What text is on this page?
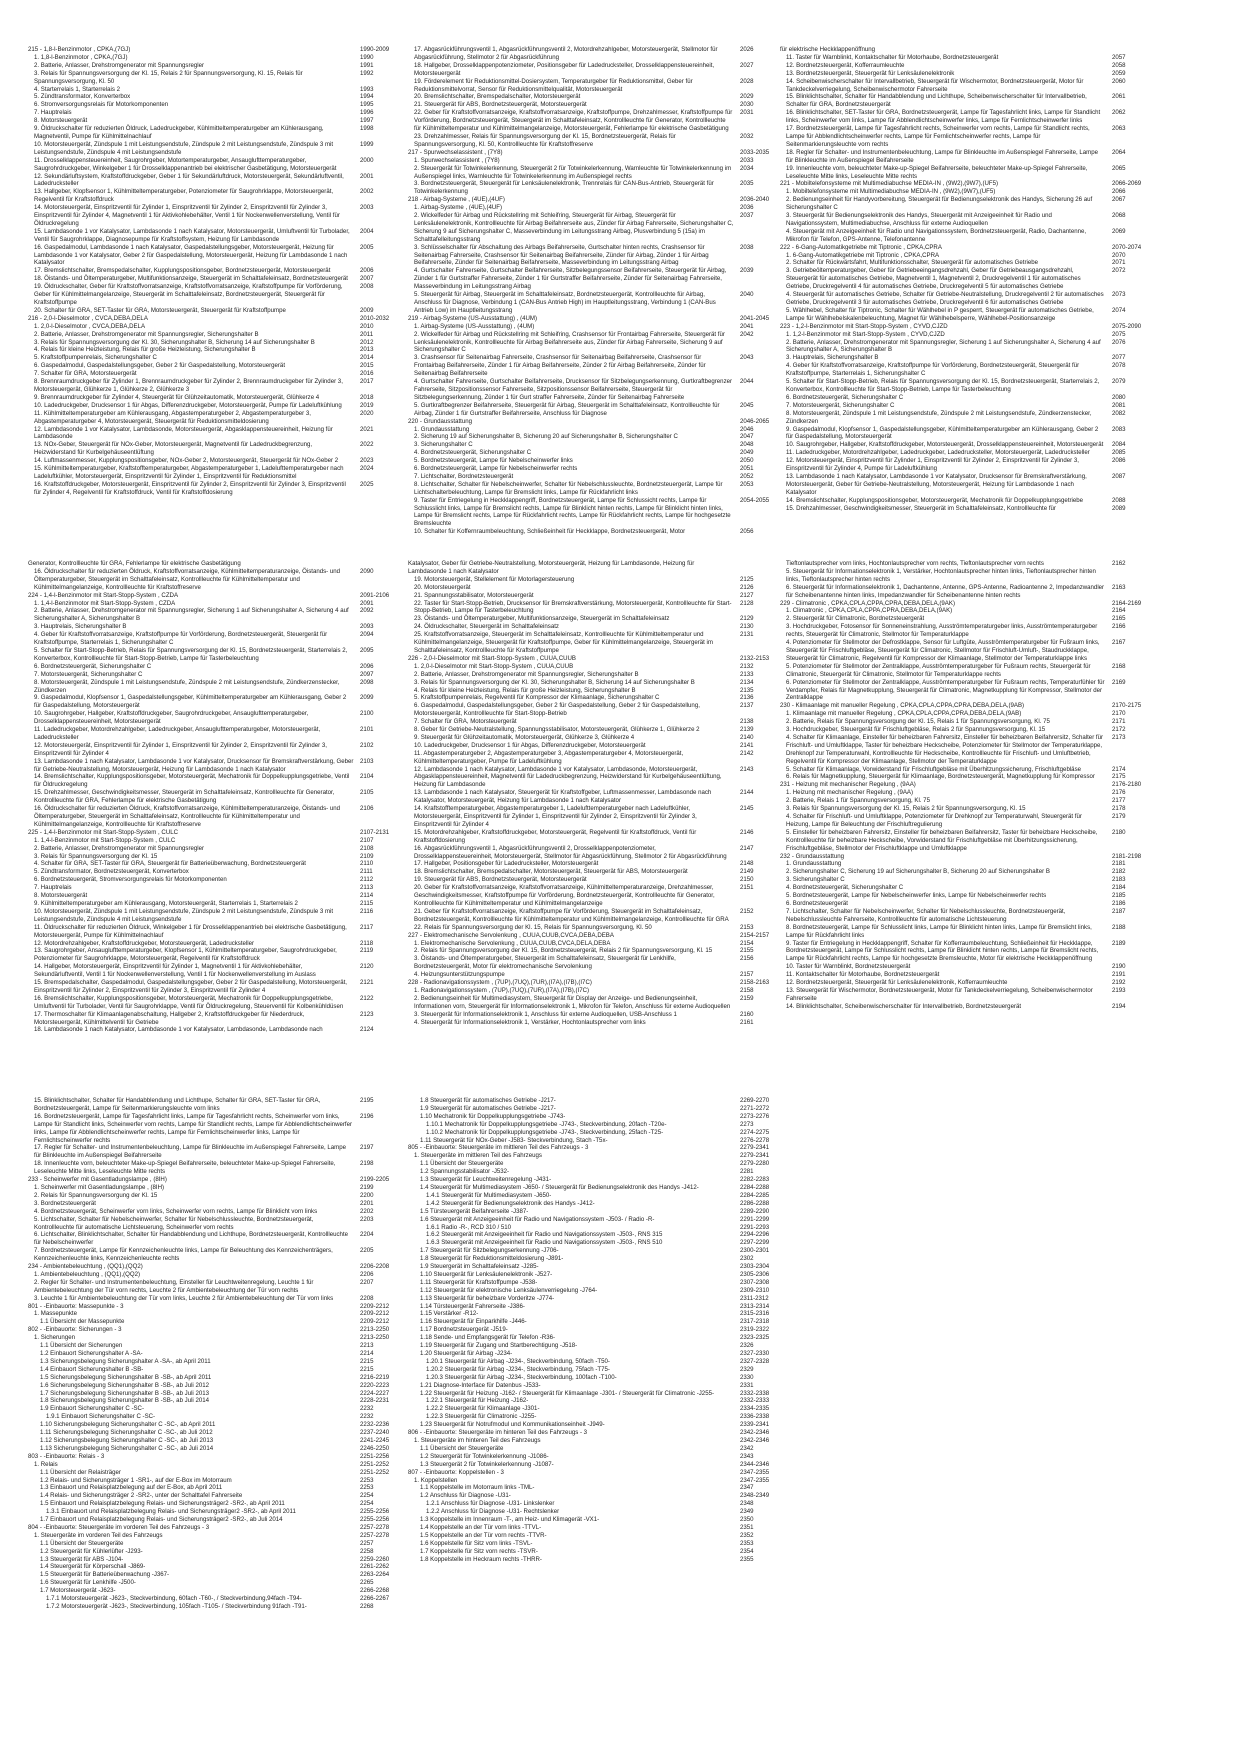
215 - 1,8-l-Benzinmotor , CPKA,(7GJ)	1990-2009
1. 1,8-l-Benzinmotor , CPKA,(7GJ)	1990
2. Batterie, Anlasser, Drehstromgenerator mit Spannungsregler	1991
3. Relais für Spannungsversorgung der Kl. 15, Relais 2 für Spannungsversorgung, Kl. 15, Relais für Spannungsversorgung, Kl. 50
1992
4. Starterrelais 1, Starterrelais 2	1993
5. Zündtransformator, Konverterbox	1994
6. Stromversorgungsrelais für Motorkomponenten	1995
7. Hauptrelais	1996
8. Motorsteuergerät	1997
9. Öldruckschalter für reduzierten Öldruck, Ladedruckgeber, Kühlmitteltemperaturgeber am Kühlerausgang, Magnetventil, Pumpe für Kühlmittelnachlauf
1998
10. Motorsteuergerät, Zündspule 1 mit Leistungsendstufe, Zündspule 2 mit Leistungsendstufe, Zündspule 3 mit Leistungsendstufe, Zündspule 4 mit Leistungsendstufe
1999
11. Drosselklappensteuereinheit, Saugrohrgeber, Motortemperaturgeber, Ansauglufttemperaturgeber, Saugrohrdruckgeber, Winkelgeber 1 für Drosselklappenantrieb bei elektrischer Gasbetätigung, Motorsteuergerät
2000
12. Sekundärluftsystem, Kraftstoffdruckgeber, Geber 1 für Sekundärluftdruck, Motorsteuergerät, Sekundärluftventil, Ladedrucksteller
2001
13. Hallgeber, Klopfsensor 1, Kühlmitteltemperaturgeber, Potenziometer für Saugrohrklappe, Motorsteuergerät, Regelventil für Kraftstoffdruck
2002
14. Motorsteuergerät, Einspritzventil für Zylinder 1, Einspritzventil für Zylinder 2, Einspritzventil für Zylinder 3, Einspritzventil für Zylinder 4, Magnetventil 1 für Aktivkohlebehälter, Ventil 1 für Nockenwellenverstellung, Ventil für Öldruckregelung
2003
15. Lambdasonde 1 vor Katalysator, Lambdasonde 1 nach Katalysator, Motorsteuergerät, Umluftventil für Turbolader, Ventil für Saugrohrklappe, Diagnosepumpe für Kraftstoffsystem, Heizung für Lambdasonde
2004
16. Gaspedalmodul, Lambdasonde 1 nach Katalysator, Gaspedalstellungsgeber, Motorsteuergerät, Heizung für Lambdasonde 1 vor Katalysator, Geber 2 für Gaspedalstellung, Motorsteuergerät, Heizung für Lambdasonde 1 nach Katalysator
2005
17. Bremslichtschalter, Bremspedalschalter, Kupplungspositionsgeber, Bordnetzsteuergerät, Motorsteuergerät	2006
18. Öistands- und Öltemperaturgeber, Multifunktionsanzeige, Steuergerät im Schalttafeleinsatz, Bordnetzsteuergerät	2007
19. Öldruckschalter, Geber für Kraftstoffvorratsanzeige, Kraftstoffvorratsanzeige, Kraftstoffpumpe für Vorförderung, Geber für Kühlmittelmangelanzeige, Steuergerät im Schalttafeleinsatz, Bordnetzsteuergerät, Steuergerät für Kraftstoffpumpe
2008
20. Schalter für GRA, SET-Taster für GRA, Motorsteuergerät, Steuergerät für Kraftstoffpumpe	2009
216 - 2,0-l-Dieselmotor , CVCA,DEBA,DELA	2010-2032
1. 2,0-l-Dieselmotor , CVCA,DEBA,DELA	2010
2. Batterie, Anlasser, Drehstromgenerator mit Spannungsregler, Sicherungshalter B	2011
3. Relais für Spannungsversorgung der Kl. 30, Sicherungshalter B, Sicherung 14 auf Sicherungshalter B	2012
4. Relais für kleine Heizleistung, Relais für große Heizleistung, Sicherungshalter B	2013
5. Kraftstoffpumpenrelais, Sicherungshalter C	2014
6. Gaspedalmodul, Gaspedalstellungsgeber, Geber 2 für Gaspedalstellung, Motorsteuergerät	2015
7. Schalter für GRA, Motorsteuergerät	2016
8. Brennraumdruckgeber für Zylinder 1, Brennraumdruckgeber für Zylinder 2, Brennraumdruckgeber für Zylinder 3, Motorsteuergerät, Glühkerze 1, Glühkerze 2, Glühkerze 3
2017
9. Brennraumdruckgeber für Zylinder 4, Steuergerät für Glühzeitautomatik, Motorsteuergerät, Glühkerze 4	2018
10. Ladedruckgeber, Drucksensor 1 für Abgas, Differenzdruckgeber, Motorsteuergerät, Pumpe für Ladeluftkühlung	2019
11. Kühlmitteltemperaturgeber am Kühlerausgang, Abgastemperaturgeber 2, Abgastemperaturgeber 3, Abgastemperaturgeber 4, Motorsteuergerät, Steuergerät für Reduktionsmitteldosierung
2020
12. Lambdasonde 1 vor Katalysator, Lambdasonde, Motorsteuergerät, Abgasklappensteuereinheit, Heizung für Lambdasonde
2021
13. NOx-Geber, Steuergerät für NOx-Geber, Motorsteuergerät, Magnetventil für Ladedruckbegrenzung, Heizwiderstand für Kurbelgehäuseentlüftung
2022
14. Luftmassenmesser, Kupplungspositionsgeber, NOx-Geber 2, Motorsteuergerät, Steuergerät für NOx-Geber 2	2023
15. Kühlmitteltemperaturgeber, Kraftstofftemperaturgeber, Abgastemperaturgeber 1, Ladelufttemperaturgeber nach Ladeluftkühler, Motorsteuergerät, Einspritzventil für Zylinder 1, Einspritzventil für Reduktionsmittel
2024
16. Kraftstoffdruckgeber, Motorsteuergerät, Einspritzventil für Zylinder 2, Einspritzventil für Zylinder 3, Einspritzventil für Zylinder 4, Regelventil für Kraftstoffdruck, Ventil für Kraftstoffdosierung
2025
17. Abgasrückführungsventil 1, Abgasrückführungsventil 2, Motordrehzahlgeber, Motorsteuergerät, Stellmotor für Abgasrückführung, Stellmotor 2 für Abgasrückführung
2026
18. Hallgeber, Drosselklappenpotenziometer, Positionsgeber für Ladedrucksteller, Drosselklappensteuereinheit, Motorsteuergerät
2027
19. Förderelement für Reduktionsmittel-Dosiersystem, Temperaturgeber für Reduktionsmittel, Geber für Reduktionsmittelvorrat, Sensor für Reduktionsmittelqualität, Motorsteuergerät
2028
20. Bremslichtschalter, Bremspedalschalter, Motorsteuergerät	2029
21. Steuergerät für ABS, Bordnetzsteuergerät, Motorsteuergerät	2030
22. Geber für Kraftstoffvorratsanzeige, Kraftstoffvorratsanzeige, Kraftstoffpumpe, Drehzahlmesser, Kraftstoffpumpe für Vorförderung, Bordnetzsteuergerät, Steuergerät im Schalttafeleinsatz, Kontrollleuchte für Generator, Kontrollleuchte für Kühlmitteltemperatur und Kühlmittelmangelanzeige, Motorsteuergerät, Fehlerlampe für elektrische Gasbetätigung
2031
23. Drehzahlmesser, Relais für Spannungsversorgung der Kl. 15, Bordnetzsteuergerät, Relais für Spannungsversorgung, Kl. 50, Kontrollleuchte für Kraftstoffreserve
2032
217 - Spurwechselassistent , (7Y8)	2033-2035
1. Spurwechselassistent , (7Y8)	2033
2. Steuergerät für Totwinkelerkennung, Steuergerät 2 für Totwinkelerkennung, Warnleuchte für Totwinkelerkennung im Außenspiegel links, Warnleuchte für Totwinkelerkennung im Außenspiegel rechts
2034
3. Bordnetzsteuergerät, Steuergerät für Lenksäulenelektronik, Trennrelais für CAN-Bus-Antrieb, Steuergerät für Totwinkelerkennung
2035
218 - Airbag-Systeme , (4UE),(4UF)	2036-2040
1. Airbag-Systeme , (4UE),(4UF)	2036
2. Wickelfeder für Airbag und Rückstellring mit Schleifring, Steuergerät für Airbag, Steuergerät für Lenksäulenelektronik, Kontrollleuchte für Airbag Beifahrerseite aus, Zünder für Airbag Fahrerseite, Sicherungshalter C, Sicherung 9 auf Sicherungshalter C, Masseverbindung im Leitungsstrang Airbag, Plusverbindung 5 (15a) im Schalttafelleitungsstrang
2037
3. Schlüsselschalter für Abschaltung des Airbags Beifahrerseite, Gurtschalter hinten rechts, Crashsensor für Seitenairbag Fahrerseite, Crashsensor für Seitenairbag Beifahrerseite, Zünder für Airbag, Zünder 1 für Airbag Beifahrerseite, Zünder für Seitenairbag Beifahrerseite, Masseverbindung im Leitungsstrang Airbag
2038
4. Gurtschalter Fahrerseite, Gurtschalter Beifahrerseite, Sitzbelegungssensor Beifahrerseite, Steuergerät für Airbag, Zünder 1 für Gurtstraffer Fahrerseite, Zünder 1 für Gurtstraffer Beifahrerseite, Zünder für Seitenairbag Fahrerseite, Masseverbindung im Leitungsstrang Airbag
2039
5. Steuergerät für Airbag, Steuergerät im Schalttafeleinsatz, Bordnetzsteuergerät, Kontrollleuchte für Airbag, Anschluss für Diagnose, Verbindung 1 (CAN-Bus Antrieb High) im Hauptleitungsstrang, Verbindung 1 (CAN-Bus Antrieb Low) im Hauptleitungsstrang
2040
219 - Airbag-Systeme (US-Ausstattung) , (4UM)	2041-2045
1. Airbag-Systeme (US-Ausstattung) , (4UM)	2041
2. Wickelfeder für Airbag und Rückstellring mit Schleifring, Crashsensor für Frontairbag Fahrerseite, Steuergerät für Lenksäulenelektronik, Kontrollleuchte für Airbag Beifahrerseite aus, Zünder für Airbag Fahrerseite, Sicherung 9 auf Sicherungshalter C
2042
3. Crashsensor für Seitenairbag Fahrerseite, Crashsensor für Seitenairbag Beifahrerseite, Crashsensor für Frontairbag Beifahrerseite, Zünder 1 für Airbag Beifahrerseite, Zünder 2 für Airbag Beifahrerseite, Zünder für Seitenairbag Beifahrerseite
2043
4. Gurtschalter Fahrerseite, Gurtschalter Beifahrerseite, Drucksensor für Sitzbelegungserkennung, Gurtkraftbegrenzer Fahrerseite, Sitzpositionssensor Fahrerseite, Sitzpositionssensor Beifahrerseite, Steuergerät für Sitzbelegungserkennung, Zünder 1 für Gurt straffer Fahrerseite, Zünder für Seitenairbag Fahrerseite
2044
5. Gurtkraftbegrenzer Beifahrerseite, Steuergerät für Airbag, Steuergerät im Schalttafeleinsatz, Kontrollleuchte für Airbag, Zünder 1 für Gurtstraffer Beifahrerseite, Anschluss für Diagnose
2045
220 - Grundausstattung	2046-2065
1. Grundausstattung	2046
2. Sicherung 19 auf Sicherungshalter B, Sicherung 20 auf Sicherungshalter B, Sicherungshalter C	2047
3. Sicherungshalter C	2048
4. Bordnetzsteuergerät, Sicherungshalter C	2049
5. Bordnetzsteuergerät, Lampe für Nebelscheinwerfer links	2050
6. Bordnetzsteuergerät, Lampe für Nebelscheinwerfer rechts	2051
7. Lichtschalter, Bordnetzsteuergerät	2052
8. Lichtschalter, Schalter für Nebelscheinwerfer, Schalter für Nebelschlussleuchte, Bordnetzsteuergerät, Lampe für Lichtschalterbeleuchtung, Lampe für Bremslicht links, Lampe für Rückfahrlicht links
2053
9. Taster für Entriegelung in Heckklappengriff, Bordnetzsteuergerät, Lampe für Schlussicht rechts, Lampe für Schlusslicht links, Lampe für Bremslicht rechts, Lampe für Blinklicht hinten rechts, Lampe für Blinklicht hinten links, Lampe für Bremslicht rechts, Lampe für Rückfahrlicht rechts, Lampe für Rückfahrlicht rechts, Lampe für hochgesetzte Bremsleuchte
2054-2055
10. Schalter für Koffernraumbeleuchtung, Schließeinheit für Heckklappe, Bordnetzsteuergerät, Motor	2056
für elektrische Heckklappenöffnung
11. Taster für Warnblinkt, Kontaktschalter für Motorhaube, Bordnetzsteuergerät	2057
12. Bordnetzsteuergerät, Kofferraumleuchte	2058
13. Bordnetzsteuergerät, Steuergerät für Lenksäulenelektronik	2059
14. Scheibenwischerschalter für Intervallbetrieb, Steuergerät für Wischermotor, Bordnetzsteuergerät, Motor für Tankdeckelverriegelung, Scheibenwischermotor Fahrerseite
2060
15. Blinklichtschalter, Schalter für Handabblendung und Lichthupe, Scheibenwischerschalter für Intervallbetrieb, Schalter für GRA, Bordnetzsteuergerät
2061
16. Blinklichtschalter, SET-Taster für GRA, Bordnetzsteuergerät, Lampe für Tagesfahrlicht links, Lampe für Standlicht links, Scheinwerfer vom links, Lampe für Abblendlichtscheinwerfer links, Lampe für Fernlichtscheinwerfer links
2062
17. Bordnetzsteuergerät, Lampe für Tagesfahrlicht rechts, Scheinwerfer vorn rechts, Lampe für Standlicht rechts, Lampe für Abblendlichtscheinwerfer rechts, Lampe für Fernlichtscheinwerfer rechts, Lampe für Seitenmarkierungsleuchte vorn rechts
2063
18. Regler für Schalter- und Instrumentenbeleuchtung, Lampe für Blinkleuchte im Außenspiegel Fahrerseite, Lampe für Blinkleuchte im Außenspiegel Beifahrerseite
2064
19. Innenleuchte vorn, beleuchteter Make-up-Spiegel Beifahrerseite, beleuchteter Make-up-Spiegel Fahrerseite, Leseleuchte Mitte links, Leseleuchte Mitte rechts
2065
221 - Mobiltelefonsysteme mit Multimediabuchse MEDIA-IN , (9W2),(9W7),(UF5)	2066-2069
1. Mobiltelefonsysteme mit Multimediabuchse MEDIA-IN , (9W2),(9W7),(UF5)	2066
2. Bedienungseinheit für Handyvorbereitung, Steuergerät für Bedienungselektronik des Handys, Sicherung 26 auf Sicherungshalter C
2067
3. Steuergerät für Bedienungselektronik des Handys, Steuergerät mit Anzeigeeinheit für Radio und Navigationssystem, Multimediabuchse, Anschluss für externe Audioquellen
2068
4. Steuergerät mit Anzeigeeinheit für Radio und Navigationssystem, Bordnetzsteuergerät, Radio, Dachantenne, Mikrofon für Telefon, GPS-Antenne, Telefonantenne
2069
222 - 6-Gang-Automatikgetriebe mit Tiptronic , CPKA,CPRA	2070-2074
1. 6-Gang-Automatikgetriebe mit Tiptronic , CPKA,CPRA	2070
2. Schalter für Rückwärtsfahrt, Multifunktionsschalter, Steuergerät für automatisches Getriebe	2071
3. Getriebeöltemperaturgeber, Geber für Getriebeeingangsdrehzahl, Geber für Getriebeausgangsdrehzahl, Steuergerät für automatisches Getriebe, Magnetventil 1, Magnetventil 2, Druckregelventil 1 für automatisches Getriebe, Druckregelventil 4 für automatisches Getriebe, Druckregelventil 5 für automatisches Getriebe
2072
4. Steuergerät für automatisches Getriebe, Schalter für Getriebe-Neutralstellung, Druckregelventil 2 für automatisches Getriebe, Druckregelventil 3 für automatisches Getriebe, Druckregelventil 6 für automatisches Getriebe
2073
5. Wählhebel, Schalter für Tiptronic, Schalter für Wählhebel in P gesperrt, Steuergerät für automatisches Getriebe, Lampe für Wählhebelskalenbeleuchtung, Magnet für Wählhebelsperre, Wählhebel-Positionsanzeige
2074
223 - 1,2-l-Benzinmotor mit Start-Stopp-System , CYVD,CJZD	2075-2090
1. 1,2-l-Benzinmotor mit Start-Stopp-System , CYVD,CJZD	2075
2. Batterie, Anlasser, Drehstromgenerator mit Spannungsregler, Sicherung 1 auf Sicherungshalter A, Sicherung 4 auf Sicherungshalter A, Sicherungshalter B
2076
3. Hauptrelais, Sicherungshalter B	2077
4. Geber für Kraftstoffvorratsanzeige, Kraftstoffpumpe für Vorförderung, Bordnetzsteuergerät, Steuergerät für Kraftstoffpumpe, Starterrelais 1, Sicherungshalter C
2078
5. Schalter für Start-Stopp-Betrieb, Relais für Spannungsversorgung der Kl. 15, Bordnetzsteuergerät, Starterrelais 2, Konverterbox, Kontrollleuchte für Start-Stopp-Betrieb, Lampe für Tasterbeleuchtung
2079
6. Bordnetzsteuergerät, Sicherungshalter C	2080
7. Motorsteuergerät, Sicherungshalter C	2081
8. Motorsteuergerät, Zündspule 1 mit Leistungsendstufe, Zündspule 2 mit Leistungsendstufe, Zündkerzenstecker, Zündkerzen
2082
9. Gaspedalmodul, Klopfsensor 1, Gaspedalstellungsgeber, Kühlmitteltemperaturgeber am Kühlerausgang, Geber 2 für Gaspedalstellung, Motorsteuergerät
2083
10. Saugrohrgeber, Hallgeber, Kraftstoffdruckgeber, Motorsteuergerät, Drosselklappensteuereinheit, Motorsteuergerät	2084
11. Ladedruckgeber, Motordrehzahlgeber, Ladedruckgeber, Ladedrucksteller, Motorsteuergerät, Ladedrucksteller	2085
12. Motorsteuergerät, Einspritzventil für Zylinder 1, Einspritzventil für Zylinder 2, Einspritzventil für Zylinder 3, Einspritzventil für Zylinder 4, Pumpe für Ladeluftkühlung
2086
13. Lambdasonde 1 nach Katalysator, Lambdasonde 1 vor Katalysator, Drucksensor für Bremskraftverstärkung, Motorsteuergerät, Geber für Getriebe-Neutralstellung, Motorsteuergerät, Heizung für Lambdasonde 1 nach Katalysator
2087
14. Bremslichtschalter, Kupplungspositionsgeber, Motorsteuergerät, Mechatronik für Doppelkupplungsgetriebe	2088
15. Drehzahlmesser, Geschwindigkeitsmesser, Steuergerät im Schalttafeleinsatz, Kontrollleuchte für	2089
Generator, Kontrollleuchte für GRA, Fehlerlampe für elektrische Gasbetätigung
16. Öldruckschalter für reduzierten Öldruck, Kraftstoffvorratsanzeige, Kühlmitteltemperaturanzeige, Öistands- und Öltemperaturgeber, Steuergerät im Schalttafeleinsatz, Kontrollleuchte für Kühlmitteltemperatur und Kühlmittelmangelanzeige, Kontrollleuchte für Kraftstoffreserve
2090
224 - 1,4-l-Benzinmotor mit Start-Stopp-System , CZDA	2091-2106
1. 1,4-l-Benzinmotor mit Start-Stopp-System , CZDA	2091
2. Batterie, Anlasser, Drehstromgenerator mit Spannungsregler, Sicherung 1 auf Sicherungshalter A, Sicherung 4 auf Sicherungshalter A, Sicherungshalter B
2092
3. Hauptrelais, Sicherungshalter B	2093
4. Geber für Kraftstoffvorratsanzeige, Kraftstoffpumpe für Vorförderung, Bordnetzsteuergerät, Steuergerät für Kraftstoffpumpe, Starterrelais 1, Sicherungshalter C
2094
5. Schalter für Start-Stopp-Betrieb, Relais für Spannungsversorgung der Kl. 15, Bordnetzsteuergerät, Starterrelais 2, Konverterbox, Kontrollleuchte für Start-Stopp-Betrieb, Lampe für Tasterbeleuchtung
2095
6. Bordnetzsteuergerät, Sicherungshalter C	2096
7. Motorsteuergerät, Sicherungshalter C	2097
8. Motorsteuergerät, Zündspule 1 mit Leistungsendstufe, Zündspule 2 mit Leistungsendstufe, Zündkerzenstecker, Zündkerzen
2098
9. Gaspedalmodul, Klopfsensor 1, Gaspedalstellungsgeber, Kühlmitteltemperaturgeber am Kühlerausgang, Geber 2 für Gaspedalstellung, Motorsteuergerät
2099
10. Saugrohrgeber, Hallgeber, Kraftstoffdruckgeber, Saugrohrdruckgeber, Ansauglufttemperaturgeber, Drosselklappensteuereinheit, Motorsteuergerät
2100
11. Ladedruckgeber, Motordrehzahlgeber, Ladedruckgeber, Ansauglufttemperaturgeber, Motorsteuergerät, Ladedrucksteller
2101
12. Motorsteuergerät, Einspritzventil für Zylinder 1, Einspritzventil für Zylinder 2, Einspritzventil für Zylinder 3, Einspritzventil für Zylinder 4
2102
13. Lambdasonde 1 nach Katalysator, Lambdasonde 1 vor Katalysator, Drucksensor für Bremskraftverstärkung, Geber für Getriebe-Neutralstellung, Motorsteuergerät, Heizung für Lambdasonde 1 nach Katalysator
2103
14. Bremslichtschalter, Kupplungspositionsgeber, Motorsteuergerät, Mechatronik für Doppelkupplungsgetriebe, Ventil für Öldruckregelung
2104
15. Drehzahlmesser, Geschwindigkeitsmesser, Steuergerät im Schalttafeleinsatz, Kontrollleuchte für Generator, Kontrollleuchte für GRA, Fehlerlampe für elektrische Gasbetätigung
2105
16. Öldruckschalter für reduzierten Öldruck, Kraftstoffvorratsanzeige, Kühlmitteltemperaturanzeige, Öistands- und Öltemperaturgeber, Steuergerät im Schalttafeleinsatz, Kontrollleuchte für Kühlmitteltemperatur und Kühlmittelmangelanzeige, Kontrollleuchte für Kraftstoffreserve
2106
225 - 1,4-l-Benzinmotor mit Start-Stopp-System , CULC	2107-2131
1. 1,4-l-Benzinmotor mit Start-Stopp-System , CULC	2107
2. Batterie, Anlasser, Drehstromgenerator mit Spannungsregler	2108
3. Relais für Spannungsversorgung der Kl. 15	2109
4. Schalter für GRA, SET-Taster für GRA, Steuergerät für Batterieüberwachung, Bordnetzsteuergerät	2110
5. Zündtransformator, Bordnetzsteuergerät, Konverterbox	2111
6. Bordnetzsteuergerät, Stromversorgungsrelais für Motorkomponenten	2112
7. Hauptrelais	2113
8. Motorsteuergerät	2114
9. Kühlmitteltemperaturgeber am Kühlerausgang, Motorsteuergerät, Starterrelais 1, Starterrelais 2	2115
10. Motorsteuergerät, Zündspule 1 mit Leistungsendstufe, Zündspule 2 mit Leistungsendstufe, Zündspule 3 mit Leistungsendstufe, Zündspule 4 mit Leistungsendstufe
2116
11. Öldruckschalter für reduzierten Öldruck, Winkelgeber 1 für Drosselklappenantrieb bei elektrische Gasbetätigung, Motorsteuergerät, Pumpe für Kühlmittelnachlauf
2117
12. Motordrehzahlgeber, Kraftstoffdruckgeber, Motorsteuergerät, Ladedrucksteller	2118
13. Saugrohrgeber, Ansauglufttemperaturgeber, Klopfsensor 1, Kühlmitteltemperaturgeber, Saugrohrdruckgeber, Potenziometer für Saugrohrklappe, Motorsteuergerät, Regelventil für Kraftstoffdruck
2119
14. Hallgeber, Motorsteuergerät, Einspritzventil für Zylinder 1, Magnetventil 1 für Aktivkohlebehälter, Sekundärluftventil, Ventil 1 für Nockenwellenverstellung, Ventil 1 für Nockenwellenverstellung im Auslass
2120
15. Bremspedalschalter, Gaspedalmodul, Gaspedalstellungsgeber, Geber 2 für Gaspedalstellung, Motorsteuergerät, Einspritzventil für Zylinder 2, Einspritzventil für Zylinder 3, Einspritzventil für Zylinder 4
2121
16. Bremslichtschalter, Kupplungspositionsgeber, Motorsteuergerät, Mechatronik für Doppelkupplungsgetriebe, Umluftventil für Turbolader, Ventil für Saugrohrklappe, Ventil für Öldruckregelung, Steuerventil für Kolbenkühldüsen
2122
17. Thermoschalter für Klimaanlagenabschaltung, Hallgeber 2, Kraftstoffdruckgeber für Niederdruck, Motorsteuergerät, Kühlmittelventil für Getriebe
2123
18. Lambdasonde 1 nach Katalysator, Lambdasonde 1 vor Katalysator, Lambdasonde, Lambdasonde nach	2124
Katalysator, Geber für Getriebe-Neutralstellung, Motorsteuergerät, Heizung für Lambdasonde, Heizung für Lambdasonde 1 nach Katalysator
19. Motorsteuergerät, Stellelement für Motorlagersteuerung	2125
20. Motorsteuergerät	2126
21. Spannungsstabilisator, Motorsteuergerät	2127
22. Taster für Start-Stopp-Betrieb, Drucksensor für Bremskraftverstärkung, Motorsteuergerät, Kontrollleuchte für Start-Stopp-Betrieb, Lampe für Tasterbeleuchtung
2128
23. Öistands- und Öltemperaturgeber, Multifunktionsanzeige, Steuergerät im Schalttafeleinsatz	2129
24. Öldruckschalter, Steuergerät im Schalttafeleinsatz	2130
25. Kraftstoffvorratsanzeige, Steuergerät im Schalttafeleinsatz, Kontrollleuchte für Kühlmitteltemperatur und Kühlmittelmangelanzeige, Steuergerät für Kraftstoffpumpe, Geber für Kühlmittelmangelanzeige, Steuergerät im Schalttafeleinsatz, Kontrollleuchte für Kraftstoffpumpe
2131
226 - 2,0-l-Dieselmotor mit Start-Stopp-System , CUUA,CUUB	2132-2153
1. 2,0-l-Dieselmotor mit Start-Stopp-System , CUUA,CUUB	2132
2. Batterie, Anlasser, Drehstromgenerator mit Spannungsregler, Sicherungshalter B	2133
3. Relais für Spannungsversorgung der Kl. 30, Sicherungshalter B, Sicherung 14 auf Sicherungshalter B	2134
4. Relais für kleine Heizleistung, Relais für große Heizleistung, Sicherungshalter B	2135
5. Kraftstoffpumpenrelais, Regelventil für Kompressor der Klimaanlage, Sicherungshalter C	2136
6. Gaspedalmodul, Gaspedalstellungsgeber, Geber 2 für Gaspedalstellung, Geber 2 für Gaspedalstellung, Motorsteuergerät, Kontrollleuchte für Start-Stopp-Betrieb
2137
7. Schalter für GRA, Motorsteuergerät	2138
8. Geber für Getriebe-Neutralstellung, Spannungsstabilisator, Motorsteuergerät, Glühkerze 1, Glühkerze 2	2139
9. Steuergerät für Glühzeitautomatik, Motorsteuergerät, Glühkerze 3, Glühkerze 4	2140
10. Ladedruckgeber, Drucksensor 1 für Abgas, Differenzdruckgeber, Motorsteuergerät	2141
11. Abgastemperaturgeber 2, Abgastemperaturgeber 3, Abgastemperaturgeber 4, Motorsteuergerät, Kühlmitteltemperaturgeber, Pumpe für Ladeluftkühlung
2142
12. Lambdasonde 1 nach Katalysator, Lambdasonde 1 vor Katalysator, Lambdasonde, Motorsteuergerät, Abgasklappensteuereinheit, Magnetventil für Ladedruckbegrenzung, Heizwiderstand für Kurbelgehäuseentlüftung, Heizung für Lambdasonde
2143
13. Lambdasonde 1 nach Katalysator, Steuergerät für Kraftstoffgeber, Luftmassenmesser, Lambdasonde nach Katalysator, Motorsteuergerät, Heizung für Lambdasonde 1 nach Katalysator
2144
14. Kraftstofftemperaturgeber, Abgastemperaturgeber 1, Ladelufttemperaturgeber nach Ladeluftkühler, Motorsteuergerät, Einspritzventil für Zylinder 1, Einspritzventil für Zylinder 2, Einspritzventil für Zylinder 3, Einspritzventil für Zylinder 4
2145
15. Motordrehzahlgeber, Kraftstoffdruckgeber, Motorsteuergerät, Regelventil für Kraftstoffdruck, Ventil für Kraftstoffdosierung
2146
16. Abgasrückführungsventil 1, Abgasrückführungsventil 2, Drosselklappenpotenziometer, Drosselklappensteuereinheit, Motorsteuergerät, Stellmotor für Abgasrückführung, Stellmotor 2 für Abgasrückführung
2147
17. Hallgeber, Positionsgeber für Ladedrucksteller, Motorsteuergerät	2148
18. Bremslichtschalter, Bremspedalschalter, Motorsteuergerät, Steuergerät für ABS, Motorsteuergerät	2149
19. Steuergerät für ABS, Bordnetzsteuergerät, Motorsteuergerät	2150
20. Geber für Kraftstoffvorratsanzeige, Kraftstoffvorratsanzeige, Kühlmitteltemperaturanzeige, Drehzahlmesser, Geschwindigkeitsmesser, Kraftstoffpumpe für Vorförderung, Bordnetzsteuergerät, Kontrollleuchte für Generator, Kontrollleuchte für Kühlmitteltemperatur und Kühlmittelmangelanzeige
2151
21. Geber für Kraftstoffvorratsanzeige, Kraftstoffpumpe für Vorförderung, Steuergerät im Schalttafeleinsatz, Bordnetzsteuergerät, Kontrollleuchte für Kühlmitteltemperatur und Kühlmittelmangelanzeige, Kontrollleuchte für GRA
2152
22. Relais für Spannungsversorgung der Kl. 15, Relais für Spannungsversorgung, Kl. 50	2153
227 - Elektromechanische Servolenkung , CUUA,CUUB,CVCA,DEBA,DEBA	2154-2157
1. Elektromechanische Servolenkung , CUUA,CUUB,CVCA,DELA,DEBA	2154
2. Relais für Spannungsversorgung der Kl. 15, Bordnetzsteuergerät, Relais 2 für Spannungsversorgung, Kl. 15	2155
3. Öistands- und Öltemperaturgeber, Steuergerät im Schalttafeleinsatz, Steuergerät für Lenkhilfe, Bordnetzsteuergerät, Motor für elektromechanische Servolenkung
2156
4. Heizungsunterstützungspumpe	2157
228 - Radionavigationssystem , (7UP),(7UQ),(7UR),(I7A),(I7B),(I7C)	2158-2163
1. Radionavigationssystem , (7UP),(7UQ),(7UR),(I7A),(I7B),(I7C)	2158
2. Bedienungseinheit für Multimediasystem, Steuergerät für Display der Anzeige- und Bedienungseinheit, Informationen vorn, Steuergerät für Informationselektronik 1, Mikrofon für Telefon, Anschluss für externe Audioquellen
2159
3. Steuergerät für Informationselektronik 1, Anschluss für externe Audioquellen, USB-Anschluss 1	2160
4. Steuergerät für Informationselektronik 1, Verstärker, Hochtonlautsprecher vorn links	2161
Tieftonlautsprecher vorn links, Hochtonlautsprecher vorn rechts, Tieftonlautsprecher vorn rechts	2162
5. Steuergerät für Informationselektronik 1, Verstärker, Hochtonlautsprecher hinten links, Tieftonlautsprecher hinten links, Tieftonlautsprecher hinten rechts
6. Steuergerät für Informationselektronik 1, Dachantenne, Antenne, GPS-Antenne, Radioantenne 2, Impedanzwandler für Scheibenantenne hinten links, Impedanzwandler für Scheibenantenne hinten rechts
2163
229 - Climatronic , CPKA,CPLA,CPPA,CPRA,DEBA,DELA,(9AK)	2164-2169
1. Climatronic , CPKA,CPLA,CPPA,CPRA,DEBA,DELA,(9AK)	2164
2. Steuergerät für Climatronic, Bordnetzsteuergerät	2165
3. Hochdruckgeber, Fotosensor für Sonneneinstrahlung, Ausströmtemperaturgeber links, Ausströmtemperaturgeber rechts, Steuergerät für Climatronic, Stellmotor für Temperaturklappe
2166
4. Potenziometer für Stellmotor der Defrostklappe, Sensor für Luftgüte, Ausströmtemperaturgeber für Fußraum links, Steuergerät für Frischluftgebläse, Steuergerät für Climatronic, Stellmotor für Frischluft-Umluft-, Staudruckklappe, Steuergerät für Climatronic, Regelventil für Kompressor der Klimaanlage, Stellmotor der Temperaturklappe links
2167
5. Potenziometer für Stellmotor der Zentralklappe, Ausströmtemperaturgeber für Fußraum rechts, Steuergerät für Climatronic, Steuergerät für Climatronic, Stellmotor für Temperaturklappe rechts
2168
6. Potenziometer für Stellmotor der Zentralklappe, Ausströmtemperaturgeber für Fußraum rechts, Temperaturfühler für Verdampfer, Relais für Magnetkupplung, Steuergerät für Climatronic, Magnetkupplung für Kompressor, Stellmotor der Zentralklappe
2169
230 - Klimaanlage mit manueller Regelung , CPKA,CPLA,CPPA,CPRA,DEBA,DELA,(9AB)	2170-2175
1. Klimaanlage mit manueller Regelung , CPKA,CPLA,CPPA,CPRA,DEBA,DELA,(9AB)	2170
2. Batterie, Relais für Spannungsversorgung der Kl. 15, Relais 1 für Spannungsversorgung, Kl. 75	2171
3. Hochdruckgeber, Steuergerät für Frischluftgebläse, Relais 2 für Spannungsversorgung, Kl. 15	2172
4. Schalter für Klimaanlage, Einsteller für beheizbaren Fahrersitz, Einsteller für beheizbaren Beifahrersitz, Schalter für Frischluft- und Umluftklappe, Taster für beheizbare Heckscheibe, Potenziometer für Stellmotor der Temperaturklappe, Drehknopf zur Temperaturwahl, Kontrollleuchte für Heckscheibe, Kontrollleuchte für Frischluft- und Umluftbetrieb, Regelventil für Kompressor der Klimaanlage, Stellmotor der Temperaturklappe
2173
5. Schalter für Klimaanlage, Vorwiderstand für Frischluftgebläse mit Überhitzungssicherung, Frischluftgebläse	2174
6. Relais für Magnetkupplung, Steuergerät für Klimaanlage, Bordnetzsteuergerät, Magnetkupplung für Kompressor	2175
231 - Heizung mit mechanischer Regelung , (9AA)	2176-2180
1. Heizung mit mechanischer Regelung , (9AA)	2176
2. Batterie, Relais 1 für Spannungsversorgung, Kl. 75	2177
3. Relais für Spannungsversorgung der Kl. 15, Relais 2 für Spannungsversorgung, Kl. 15	2178
4. Schalter für Frischluft- und Umluftklappe, Potenziometer für Drehknopf zur Temperaturwahl, Steuergerät für Heizung, Lampe für Beleuchtung der Frischluftregulierung
2179
5. Einsteller für beheizbaren Fahrersitz, Einsteller für beheizbaren Beifahrersitz, Taster für beheizbare Heckscheibe, Kontrollleuchte für beheizbare Heckscheibe, Vorwiderstand für Frischluftgebläse mit Überhitzungssicherung, Frischluftgebläse, Stellmotor der Frischluftklappe und Umluftklappe
2180
232 - Grundausstattung	2181-2198
1. Grundausstattung	2181
2. Sicherungshalter C, Sicherung 19 auf Sicherungshalter B, Sicherung 20 auf Sicherungshalter B	2182
3. Sicherungshalter C	2183
4. Bordnetzsteuergerät, Sicherungshalter C	2184
5. Bordnetzsteuergerät, Lampe für Nebelscheinwerfer links, Lampe für Nebelscheinwerfer rechts	2185
6. Bordnetzsteuergerät	2186
7. Lichtschalter, Schalter für Nebelscheinwerfer, Schalter für Nebelschlussleuchte, Bordnetzsteuergerät, Nebelschlussleuchte Fahrerseite, Kontrollleuchte für automatische Lichtsteuerung
2187
8. Bordnetzsteuergerät, Lampe für Schlusslicht links, Lampe für Blinklicht hinten links, Lampe für Bremslicht links, Lampe für Rückfahrlicht links
2188
9. Taster für Entriegelung in Heckklappengriff, Schalter für Kofferraumbeleuchtung, Schließeinheit für Heckklappe, Bordnetzsteuergerät, Lampe für Schlusslicht rechts, Lampe für Blinklicht hinten rechts, Lampe für Bremslicht rechts, Lampe für Rückfahrlicht rechts, Lampe für hochgesetzte Bremsleuchte, Motor für elektrische Heckklappenöffnung
2189
10. Taster für Warnblinkt, Bordnetzsteuergerät	2190
11. Kontaktschalter für Motorhaube, Bordnetzsteuergerät	2191
12. Bordnetzsteuergerät, Steuergerät für Lenksäulenelektronik, Kofferraumleuchte	2192
13. Steuergerät für Wischermotor, Bordnetzsteuergerät, Motor für Tankdeckelverriegelung, Scheibenwischermotor Fahrerseite
2193
14. Blinklichtschalter, Scheibenwischerschalter für Intervallbetrieb, Bordnetzsteuergerät	2194
15. Blinklichtschalter, Schalter für Handabblendung und Lichthupe, Schalter für GRA, SET-Taster für GRA, Bordnetzsteuergerät, Lampe für Seitenmarkierungsleuchte vorn links
2195
16. Bordnetzsteuergerät, Lampe für Tagesfahrlicht links, Lampe für Tagesfahrlicht rechts, Scheinwerfer vorn links, Lampe für Standlicht links, Scheinwerfer vorn rechts, Lampe für Standlicht rechts, Lampe für Abblendlichtscheinwerfer links, Lampe für Abblendlichtscheinwerfer rechts, Lampe für Fernlichtscheinwerfer links, Lampe für Fernlichtscheinwerfer rechts
2196
17. Regler für Schalter- und Instrumentenbeleuchtung, Lampe für Blinkleuchte im Außenspiegel Fahrerseite, Lampe für Blinkleuchte im Außenspiegel Beifahrerseite
2197
18. Innenleuchte vorn, beleuchteter Make-up-Spiegel Beifahrerseite, beleuchteter Make-up-Spiegel Fahrerseite, Leseleuchte Mitte links, Leseleuchte Mitte rechts
2198
233 - Scheinwerfer mit Gasentladungslampe , (8IH)	2199-2205
1. Scheinwerfer mit Gasentladungslampe , (8IH)	2199
2. Relais für Spannungsversorgung der Kl. 15	2200
3. Bordnetzsteuergerät	2201
4. Bordnetzsteuergerät, Scheinwerfer vorn links, Scheinwerfer vorn rechts, Lampe für Blinklicht vorn links	2202
5. Lichtschalter, Schalter für Nebelscheinwerfer, Schalter für Nebelschlussleuchte, Bordnetzsteuergerät, Kontrollleuchte für automatische Lichtsteuerung, Scheinwerfer vorn rechts
2203
6. Lichtschalter, Blinklichtschalter, Schalter für Handabblendung und Lichthupe, Bordnetzsteuergerät, Kontrollleuchte für Nebelscheinwerfer
2204
7. Bordnetzsteuergerät, Lampe für Kennzeichenleuchte links, Lampe für Beleuchtung des Kennzeichenträgers, Kennzeichenleuchte links, Kennzeichenleuchte rechts
2205
234 - Ambientebeleuchtung , (QQ1),(QQ2)	2206-2208
1. Ambientebeleuchtung , (QQ1),(QQ2)	2206
2. Regler für Schalter- und Instrumentenbeleuchtung, Einsteller für Leuchtweitenregelung, Leuchte 1 für Ambientebeleuchtung der Tür vorn rechts, Leuchte 2 für Ambientebeleuchtung der Tür vorn rechts
2207
3. Leuchte 1 für Ambientebeleuchtung der Tür vorn links, Leuchte 2 für Ambientebeleuchtung der Tür vorn links	2208
801 - -Einbauorte: Massepunkte - 3	2209-2212
1. Massepunkte	2209-2212
1.1 Übersicht der Massepunkte	2209-2212
802 - -Einbauorte: Sicherungen - 3	2213-2250
1. Sicherungen	2213-2250
1.1 Übersicht der Sicherungen	2213
1.2 Einbauort Sicherungshalter A -SA-	2214
1.3 Sicherungsbelegung Sicherungshalter A -SA-, ab April 2011	2215
1.4 Einbauort Sicherungshalter B -SB-	2215
1.5 Sicherungsbelegung Sicherungshalter B -SB-, ab April 2011	2216-2219
1.6 Sicherungsbelegung Sicherungshalter B -SB-, ab Juli 2012	2220-2223
1.7 Sicherungsbelegung Sicherungshalter B -SB-, ab Juli 2013	2224-2227
1.8 Sicherungsbelegung Sicherungshalter B -SB-, ab Juli 2014	2228-2231
1.9 Einbauort Sicherungshalter C -SC-	2232
1.9.1 Einbauort Sicherungshalter C -SC-	2232
1.10 Sicherungsbelegung Sicherungshalter C -SC-, ab April 2011	2232-2236
1.11 Sicherungsbelegung Sicherungshalter C -SC-, ab Juli 2012	2237-2240
1.12 Sicherungsbelegung Sicherungshalter C -SC-, ab Juli 2013	2241-2245
1.13 Sicherungsbelegung Sicherungshalter C -SC-, ab Juli 2014	2246-2250
803 - -Einbauorte: Relais - 3	2251-2256
1. Relais	2251-2252
1.1 Übersicht der Relaisträger	2251-2252
1.2 Relais- und Sicherungsträger 1 -SR1-, auf der E-Box im Motorraum	2253
1.3 Einbauort und Relaisplatzbelegung auf der E-Box, ab April 2011	2253
1.4 Relais- und Sicherungsträger 2 -SR2-, unter der Schalttafel Fahrerseite	2254
1.5 Einbauort und Relaisplatzbelegung Relais- und Sicherungsträger2 -SR2-, ab April 2011	2254
1.3.1 Einbauort und Relaisplatzbelegung Relais- und Sicherungsträger2 -SR2-, ab April 2011	2255-2256
1.7 Einbauort und Relaisplatzbelegung Relais- und Sicherungsträger2 -SR2-, ab Juli 2014	2255-2256
804 - -Einbauorte: Steuergeräte im vorderen Teil des Fahrzeugs - 3	2257-2278
1. Steuergeräte im vorderen Teil des Fahrzeugs	2257-2278
1.1 Übersicht der Steuergeräte	2257
1.2 Steuergerät für Kühlerlüfter -J293-	2258
1.3 Steuergerät für ABS -J104-	2259-2260
1.4 Steuergerät für Körperschall -J869-	2261-2262
1.5 Steuergerät für Batterieüberwachung -J367-	2263-2264
1.6 Steuergerät für Lenkhilfe -J500-	2265
1.7 Motorsteuergerät -J623-	2266-2268
1.7.1 Motorsteuergerät -J623-, Steckverbindung, 60fach -T60-, / Steckverbindung,94fach -T94-	2266-2267
1.7.2 Motorsteuergerät -J623-, Steckverbindung, 105fach -T105- / Steckverbindung 91fach -T91-	2268
1.8 Steuergerät für automatisches Getriebe -J217-	2269-2270
1.9 Steuergerät für automatisches Getriebe -J217-	2271-2272
1.10 Mechatronik für Doppelkupplungsgetriebe -J743-	2273-2276
1.10.1 Mechatronik für Doppelkupplungsgetriebe -J743-, Steckverbindung, 20fach -T20e-	2273
1.10.2 Mechatronik für Doppelkupplungsgetriebe -J743-, Steckverbindung, 25fach -T25-	2274-2275
1.11 Steuergerät für NOx-Geber -J583- Steckverbindung, Stach -T5x-	2276-2278
805 - -Einbauorte: Steuergeräte im mittleren Teil des Fahrzeugs - 3	2279-2341
1. Steuergeräte im mittleren Teil des Fahrzeugs	2279-2341
1.1 Übersicht der Steuergeräte	2279-2280
1.2 Spannungsstabilisator -J532-	2281
1.3 Steuergerät für Leuchtweitenregelung -J431-	2282-2283
1.4 Steuergerät für Multimediasystem -J650- / Steuergerät für Bedienungselektronik des Handys -J412-	2284-2288
1.4.1 Steuergerät für Multimediasystem -J650-	2284-2285
1.4.2 Steuergerät für Bedienungselektronik des Handys -J412-	2286-2288
1.5 Türsteuergerät Beifahrerseite -J387-	2289-2290
1.6 Steuergerät mit Anzeigeeinheit für Radio und Navigationssystem -J503- / Radio -R-	2291-2299
1.6.1 Radio -R-, RCD 310 / 510	2291-2293
1.6.2 Steuergerät mit Anzeigeeinheit für Radio und Navigationssystem -J503-, RNS 315	2294-2296
1.6.3 Steuergerät mit Anzeigeeinheit für Radio und Navigationssystem -J503-, RNS 510	2297-2299
1.7 Steuergerät für Sitzbelegungserkennung -J706-	2300-2301
1.8 Steuergerät für Reduktionsmitteldosierung -J891-	2302
1.9 Steuergerät im Schalttafeleinsatz -J285-	2303-2304
1.10 Steuergerät für Lenksäulenelektronik -J527-	2305-2306
1.11 Steuergerät für Kraftstoffpumpe -J538-	2307-2308
1.12 Steuergerät für elektronische Lenksäulenverriegelung -J764-	2309-2310
1.13 Steuergerät für beheizbare Vorderitze -J774-	2311-2312
1.14 Türsteuergerät Fahrerseite -J386-	2313-2314
1.15 Verstärker -R12-	2315-2316
1.16 Steuergerät für Einparkhilfe -J446-	2317-2318
1.17 Bordnetzsteuergerät -J519-	2319-2322
1.18 Sende- und Empfangsgerät für Telefon -R36-	2323-2325
1.19 Steuergerät für Zugang und Startberechtigung -J518-	2326
1.20 Steuergerät für Airbag -J234-	2327-2330
1.20.1 Steuergerät für Airbag -J234-, Steckverbindung, 50fach -T50-	2327-2328
1.20.2 Steuergerät für Airbag -J234-, Steckverbindung, 75fach -T75-	2329
1.20.3 Steuergerät für Airbag -J234-, Steckverbindung, 100fach -T100-	2330
1.21 Diagnose-Interface für Datenbus -J533-	2331
1.22 Steuergerät für Heizung -J162- / Steuergerät für Klimaanlage -J301- / Steuergerät für Climatronic -J255-	2332-2338
1.22.1 Steuergerät für Heizung -J162-	2332-2333
1.22.2 Steuergerät für Klimaanlage -J301-	2334-2335
1.22.3 Steuergerät für Climatronic -J255-	2336-2338
1.23 Steuergerät für Notrufmodul und Kommunikationseinheit -J949-	2339-2341
806 - -Einbauorte: Steuergeräte im hinteren Teil des Fahrzeugs - 3	2342-2346
1. Steuergeräte im hinteren Teil des Fahrzeugs	2342-2346
1.1 Übersicht der Steuergeräte	2342
1.2 Steuergerät für Totwinkelerkennung -J1086-	2343
1.3 Steuergerät 2 für Totwinkelerkennung -J1087-	2344-2346
807 - -Einbauorte: Koppelstellen - 3	2347-2355
1. Koppelstellen	2347-2355
1.1 Koppelstelle im Motorraum links -TML-	2347
1.2 Anschluss für Diagnose -U31-	2348-2349
1.2.1 Anschluss für Diagnose -U31- Linkslenker	2348
1.2.2 Anschluss für Diagnose -U31- Rechtslenker	2349
1.3 Koppelstelle im Innenraum -T-, am Heiz- und Klimagerät -VX1-	2350
1.4 Koppelstelle an der Tür vorn links -TTVL-	2351
1.5 Koppelstelle an der Tür vorn rechts -TTVR-	2352
1.6 Koppelstelle für Sitz vorn links -TSVL-	2353
1.7 Koppelstelle für Sitz vorn rechts -TSVR-	2354
1.8 Koppelstelle im Heckraum rechts -THRR-	2355
